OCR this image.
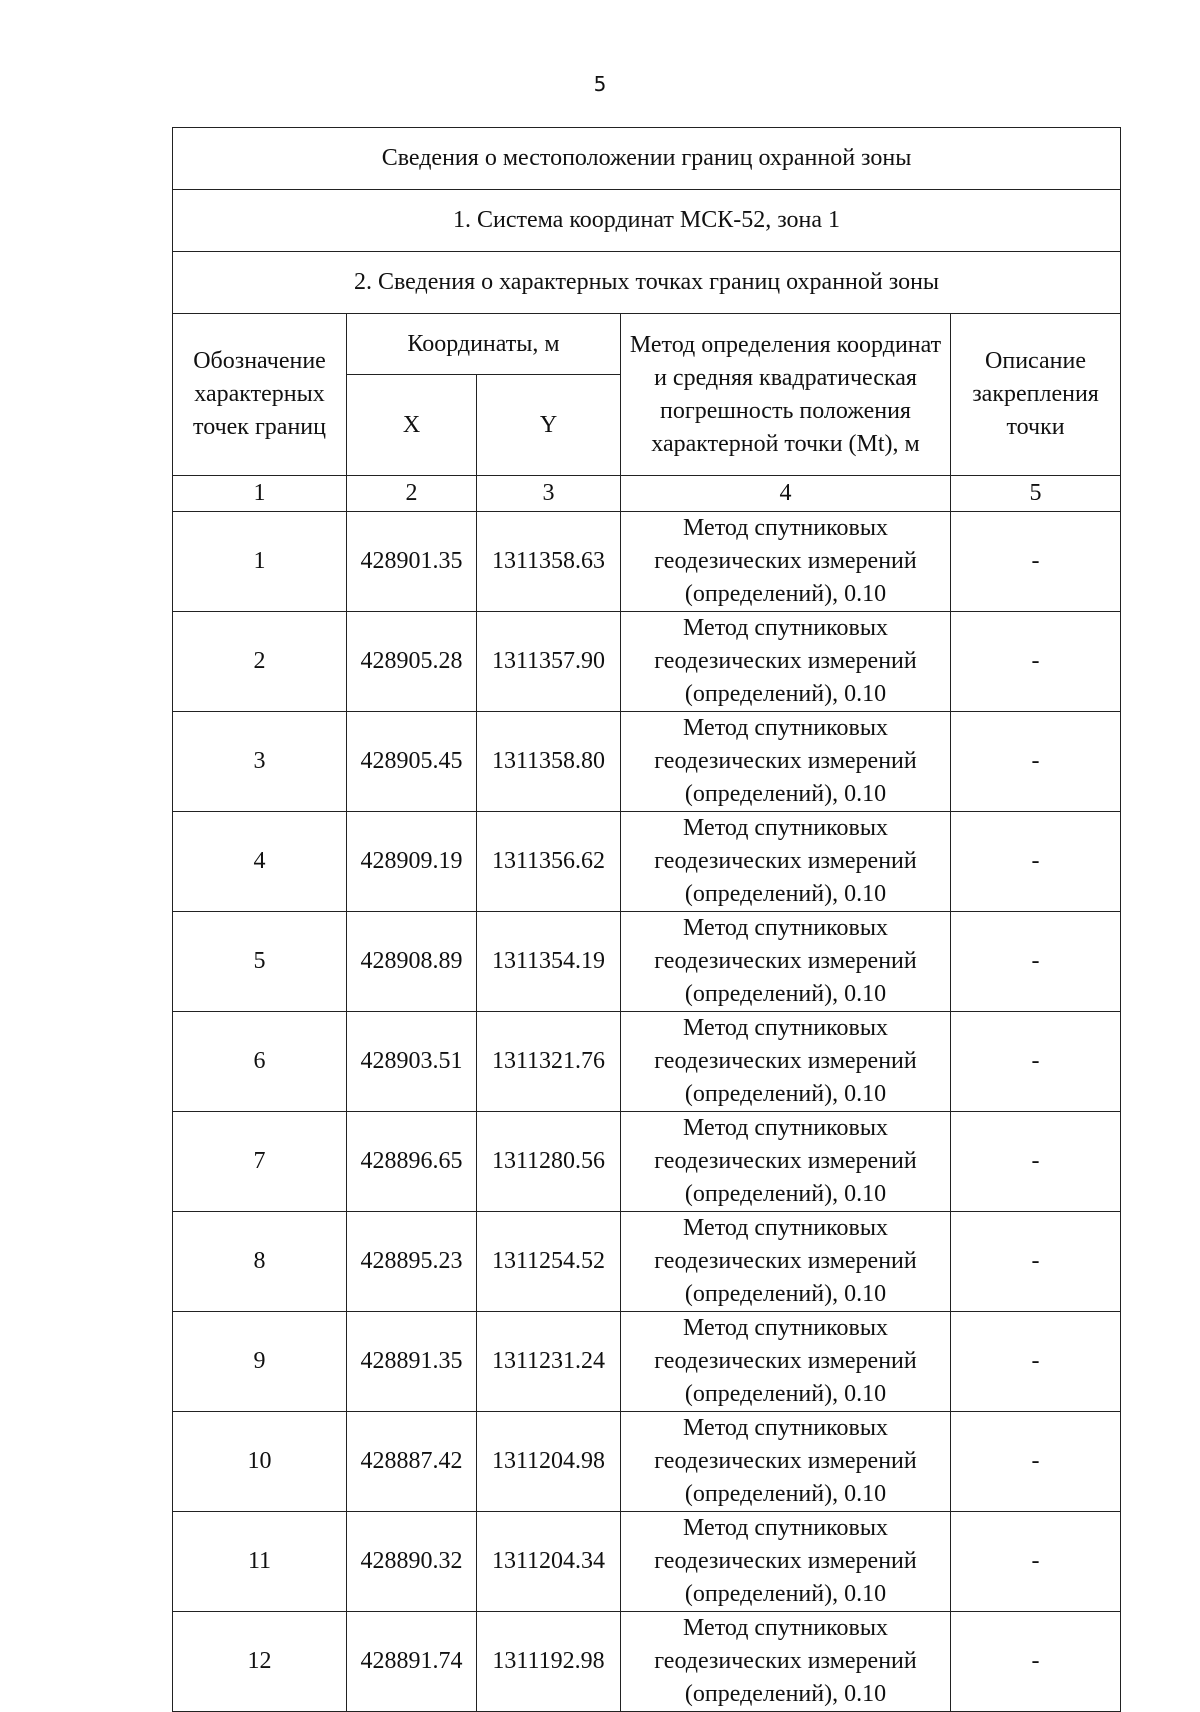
5
Сведения о местоположении границ охранной зоны				
1. Система координат МСК-52, зона 1				
2. Сведения о характерных точках границ охранной зоны				
Обозначение характерных точек границ	Координаты, м		Метод определения координат и средняя квадратическая погрешность положения характерной точки (Mt), м	Описание закрепления точки
	X	Y		
1	2	3	4	5
1	428901.35	1311358.63	Метод спутниковых геодезических измерений (определений), 0.10	-
2	428905.28	1311357.90	Метод спутниковых геодезических измерений (определений), 0.10	-
3	428905.45	1311358.80	Метод спутниковых геодезических измерений (определений), 0.10	-
4	428909.19	1311356.62	Метод спутниковых геодезических измерений (определений), 0.10	-
5	428908.89	1311354.19	Метод спутниковых геодезических измерений (определений), 0.10	-
6	428903.51	1311321.76	Метод спутниковых геодезических измерений (определений), 0.10	-
7	428896.65	1311280.56	Метод спутниковых геодезических измерений (определений), 0.10	-
8	428895.23	1311254.52	Метод спутниковых геодезических измерений (определений), 0.10	-
9	428891.35	1311231.24	Метод спутниковых геодезических измерений (определений), 0.10	-
10	428887.42	1311204.98	Метод спутниковых геодезических измерений (определений), 0.10	-
11	428890.32	1311204.34	Метод спутниковых геодезических измерений (определений), 0.10	-
12	428891.74	1311192.98	Метод спутниковых геодезических измерений (определений), 0.10	-
